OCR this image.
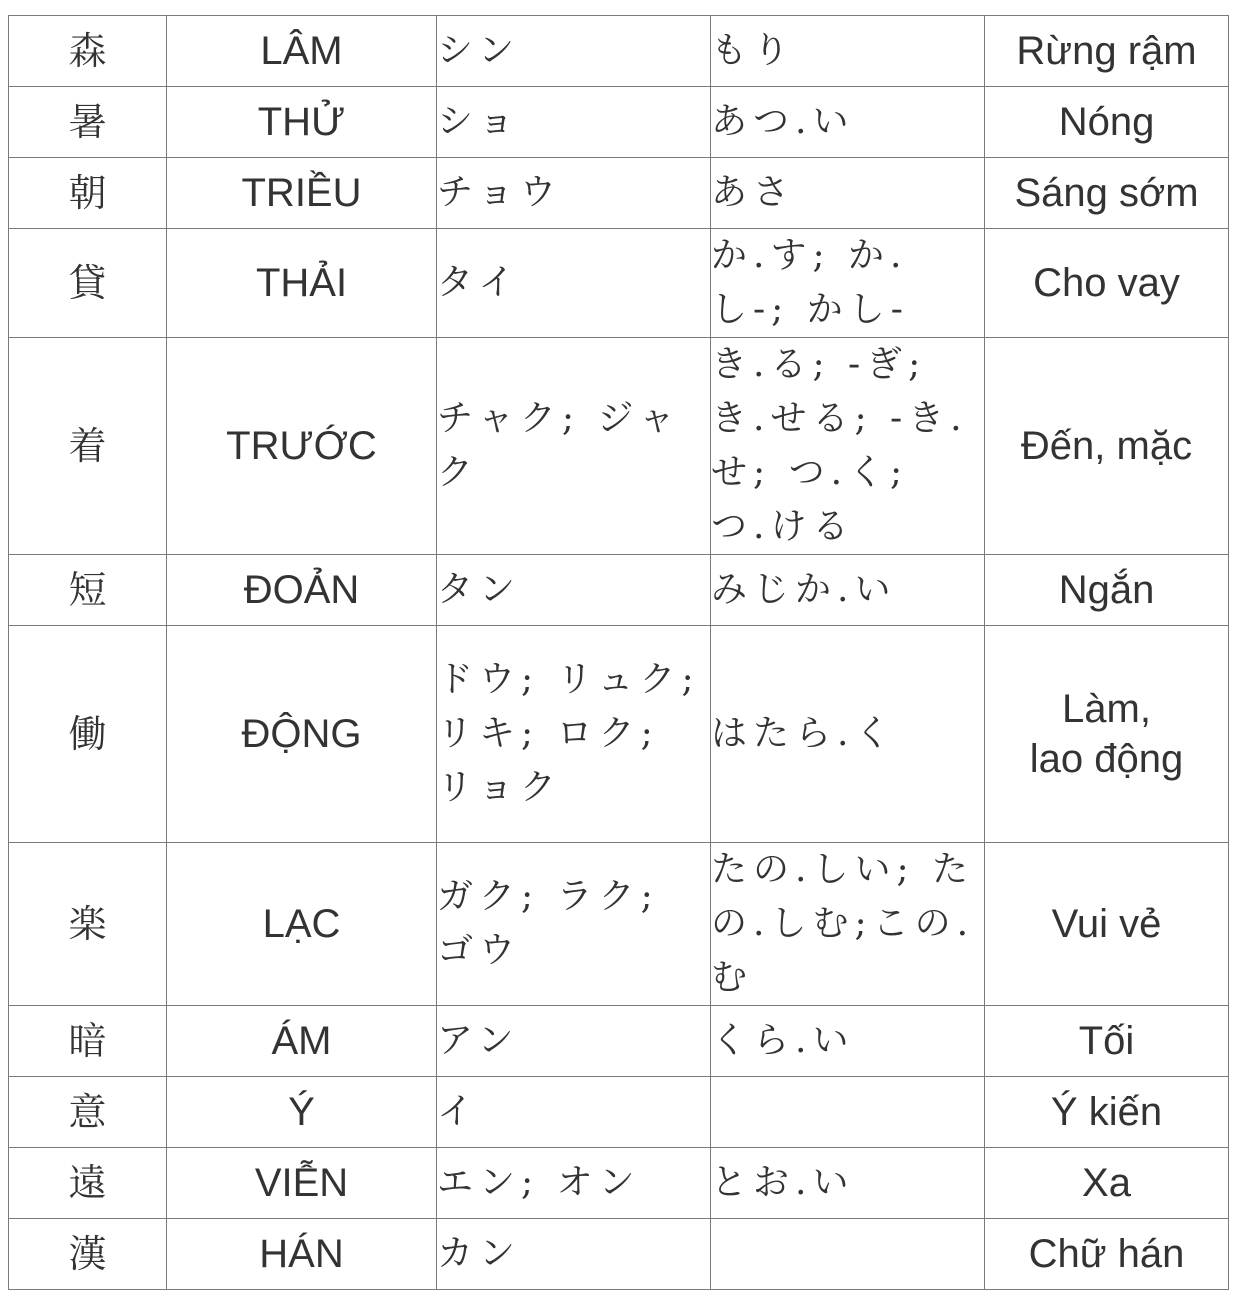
森	LÂM	シン	もり	Rừng rậm
暑	THỬ	ショ	あつ.い	Nóng
朝	TRIỀU	チョウ	あさ	Sáng sớm
貸	THẢI	タイ	か.す; か.し-; かし-	Cho vay
着	TRƯỚC	チャク; ジャク	き.る; -ぎ; き.せる; -き.せ; つ.く; つ.ける	Đến, mặc
短	ĐOẢN	タン	みじか.い	Ngắn
働	ĐỘNG	ドウ; リュク; リキ; ロク; リョク	はたら.く	Làm,
lao động
楽	LẠC	ガク; ラク; ゴウ	たの.しい; たの.しむ;この.む	Vui vẻ
暗	ÁM	アン	くら.い	Tối
意	Ý	イ		Ý kiến
遠	VIỄN	エン; オン	とお.い	Xa
漢	HÁN	カン		Chữ hán
